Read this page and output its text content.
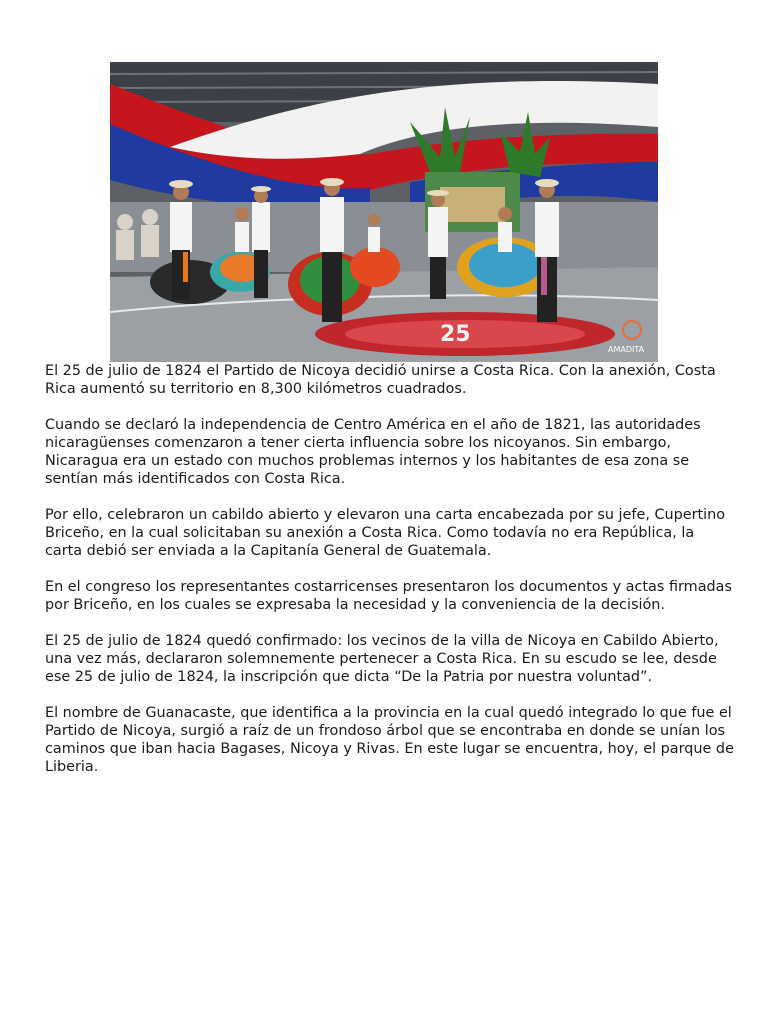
25
AMADITA

El 25 de julio de 1824 el Partido de Nicoya decidió unirse a Costa Rica. Con la anexión, Costa Rica aumentó su territorio en 8,300 kilómetros cuadrados.

Cuando se declaró la independencia de Centro América en el año de 1821, las autoridades nicaragüenses comenzaron a tener cierta influencia sobre los nicoyanos. Sin embargo, Nicaragua era un estado con muchos problemas internos y los habitantes de esa zona se sentían más identificados con Costa Rica.

Por ello, celebraron un cabildo abierto y elevaron una carta encabezada por su jefe, Cupertino Briceño, en la cual solicitaban su anexión a Costa Rica. Como todavía no era República, la carta debió ser enviada a la Capitanía General de Guatemala.

En el congreso los representantes costarricenses presentaron los documentos y actas firmadas por Briceño, en los cuales se expresaba la necesidad y la conveniencia de la decisión.

El 25 de julio de 1824 quedó confirmado: los vecinos de la villa de Nicoya en Cabildo Abierto, una vez más, declararon solemnemente pertenecer a Costa Rica. En su escudo se lee, desde ese 25 de julio de 1824, la inscripción que dicta “De la Patria por nuestra voluntad”.

El nombre de Guanacaste, que identifica a la provincia en la cual quedó integrado lo que fue el Partido de Nicoya, surgió a raíz de un frondoso árbol que se encontraba en donde se unían los caminos que iban hacia Bagases, Nicoya y Rivas. En este lugar se encuentra, hoy, el parque de Liberia.
